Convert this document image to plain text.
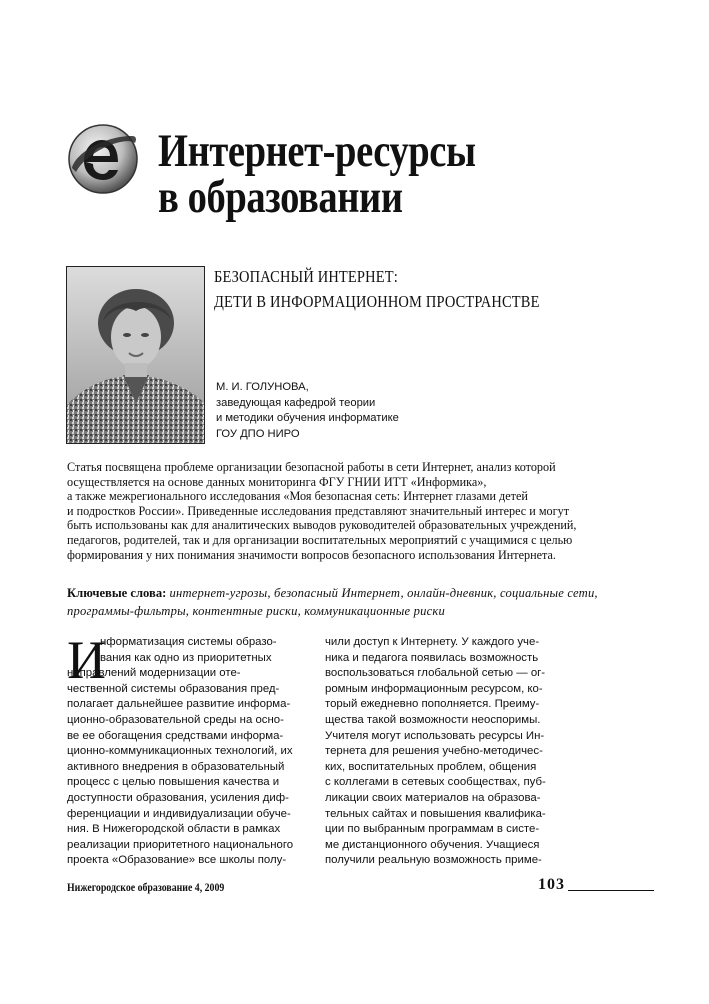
Интернет-ресурсы
в образовании
БЕЗОПАСНЫЙ ИНТЕРНЕТ:
ДЕТИ В ИНФОРМАЦИОННОМ ПРОСТРАНСТВЕ
М. И. ГОЛУНОВА,
заведующая кафедрой теории
и методики обучения информатике
ГОУ ДПО НИРО
Статья посвящена проблеме организации безопасной работы в сети Интернет, анализ которой
осуществляется на основе данных мониторинга ФГУ ГНИИ ИТТ «Информика»,
а также межрегионального исследования «Моя безопасная сеть: Интернет глазами детей
и подростков России». Приведенные исследования представляют значительный интерес и могут
быть использованы как для аналитических выводов руководителей образовательных учреждений,
педагогов, родителей, так и для организации воспитательных мероприятий с учащимися с целью
формирования у них понимания значимости вопросов безопасного использования Интернета.
Ключевые слова: интернет-угрозы, безопасный Интернет, онлайн-дневник, социальные сети,
программы-фильтры, контентные риски, коммуникационные риски
И
нформатизация системы образо-
вания как одно из приоритетных
направлений модернизации оте-
чественной системы образования пред-
полагает дальнейшее развитие информа-
ционно-образовательной среды на осно-
ве ее обогащения средствами информа-
ционно-коммуникационных технологий, их
активного внедрения в образовательный
процесс с целью повышения качества и
доступности образования, усиления диф-
ференциации и индивидуализации обуче-
ния. В Нижегородской области в рамках
реализации приоритетного национального
проекта «Образование» все школы полу-
чили доступ к Интернету. У каждого уче-
ника и педагога появилась возможность
воспользоваться глобальной сетью — ог-
ромным информационным ресурсом, ко-
торый ежедневно пополняется. Преиму-
щества такой возможности неоспоримы.
Учителя могут использовать ресурсы Ин-
тернета для решения учебно-методичес-
ких, воспитательных проблем, общения
с коллегами в сетевых сообществах, пуб-
ликации своих материалов на образова-
тельных сайтах и повышения квалифика-
ции по выбранным программам в систе-
ме дистанционного обучения. Учащиеся
получили реальную возможность приме-
Нижегородское образование 4, 2009	103
